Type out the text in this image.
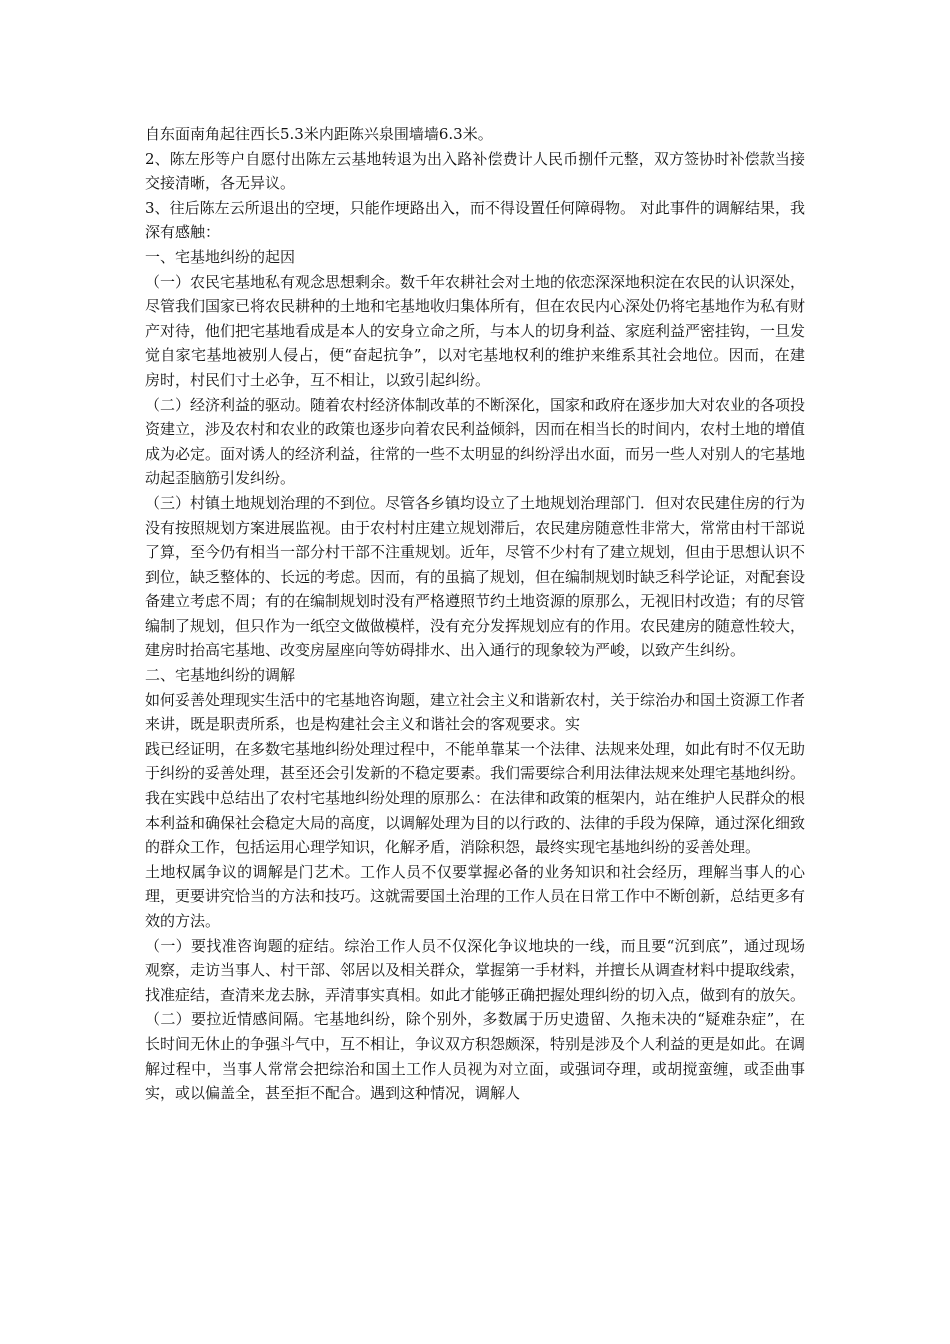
自东面南角起往西长5.3米内距陈兴泉围墙墙6.3米。

2、陈左彤等户自愿付出陈左云基地转退为出入路补偿费计人民币捌仟元整，双方签协时补偿款当接交接清晰，各无异议。

3、往后陈左云所退出的空埂，只能作埂路出入，而不得设置任何障碍物。 对此事件的调解结果，我深有感触：

一、宅基地纠纷的起因

（一）农民宅基地私有观念思想剩余。数千年农耕社会对土地的依恋深深地积淀在农民的认识深处，尽管我们国家已将农民耕种的土地和宅基地收归集体所有，但在农民内心深处仍将宅基地作为私有财产对待，他们把宅基地看成是本人的安身立命之所，与本人的切身利益、家庭利益严密挂钩，一旦发觉自家宅基地被别人侵占，便“奋起抗争”，以对宅基地权利的维护来维系其社会地位。因而，在建房时，村民们寸土必争，互不相让，以致引起纠纷。

（二）经济利益的驱动。随着农村经济体制改革的不断深化，国家和政府在逐步加大对农业的各项投资建立，涉及农村和农业的政策也逐步向着农民利益倾斜，因而在相当长的时间内，农村土地的增值成为必定。面对诱人的经济利益，往常的一些不太明显的纠纷浮出水面，而另一些人对别人的宅基地动起歪脑筋引发纠纷。

（三）村镇土地规划治理的不到位。尽管各乡镇均设立了土地规划治理部门．但对农民建住房的行为没有按照规划方案进展监视。由于农村村庄建立规划滞后，农民建房随意性非常大，常常由村干部说了算，至今仍有相当一部分村干部不注重规划。近年，尽管不少村有了建立规划，但由于思想认识不到位，缺乏整体的、长远的考虑。因而，有的虽搞了规划，但在编制规划时缺乏科学论证，对配套设备建立考虑不周；有的在编制规划时没有严格遵照节约土地资源的原那么，无视旧村改造；有的尽管编制了规划，但只作为一纸空文做做模样，没有充分发挥规划应有的作用。农民建房的随意性较大，建房时抬高宅基地、改变房屋座向等妨碍排水、出入通行的现象较为严峻，以致产生纠纷。

二、宅基地纠纷的调解

如何妥善处理现实生活中的宅基地咨询题，建立社会主义和谐新农村，关于综治办和国土资源工作者来讲，既是职责所系，也是构建社会主义和谐社会的客观要求。实

践已经证明，在多数宅基地纠纷处理过程中，不能单靠某一个法律、法规来处理，如此有时不仅无助于纠纷的妥善处理，甚至还会引发新的不稳定要素。我们需要综合利用法律法规来处理宅基地纠纷。我在实践中总结出了农村宅基地纠纷处理的原那么：在法律和政策的框架内，站在维护人民群众的根本利益和确保社会稳定大局的高度，以调解处理为目的以行政的、法律的手段为保障，通过深化细致的群众工作，包括运用心理学知识，化解矛盾，消除积怨，最终实现宅基地纠纷的妥善处理。

土地权属争议的调解是门艺术。工作人员不仅要掌握必备的业务知识和社会经历，理解当事人的心理，更要讲究恰当的方法和技巧。这就需要国土治理的工作人员在日常工作中不断创新，总结更多有效的方法。

（一）要找准咨询题的症结。综治工作人员不仅深化争议地块的一线，而且要“沉到底”，通过现场观察，走访当事人、村干部、邻居以及相关群众，掌握第一手材料，并擅长从调查材料中提取线索，找准症结，查清来龙去脉，弄清事实真相。如此才能够正确把握处理纠纷的切入点，做到有的放矢。

（二）要拉近情感间隔。宅基地纠纷，除个别外，多数属于历史遗留、久拖未决的“疑难杂症”，在长时间无休止的争强斗气中，互不相让，争议双方积怨颇深，特别是涉及个人利益的更是如此。在调解过程中，当事人常常会把综治和国土工作人员视为对立面，或强词夺理，或胡搅蛮缠，或歪曲事实，或以偏盖全，甚至拒不配合。遇到这种情况，调解人
